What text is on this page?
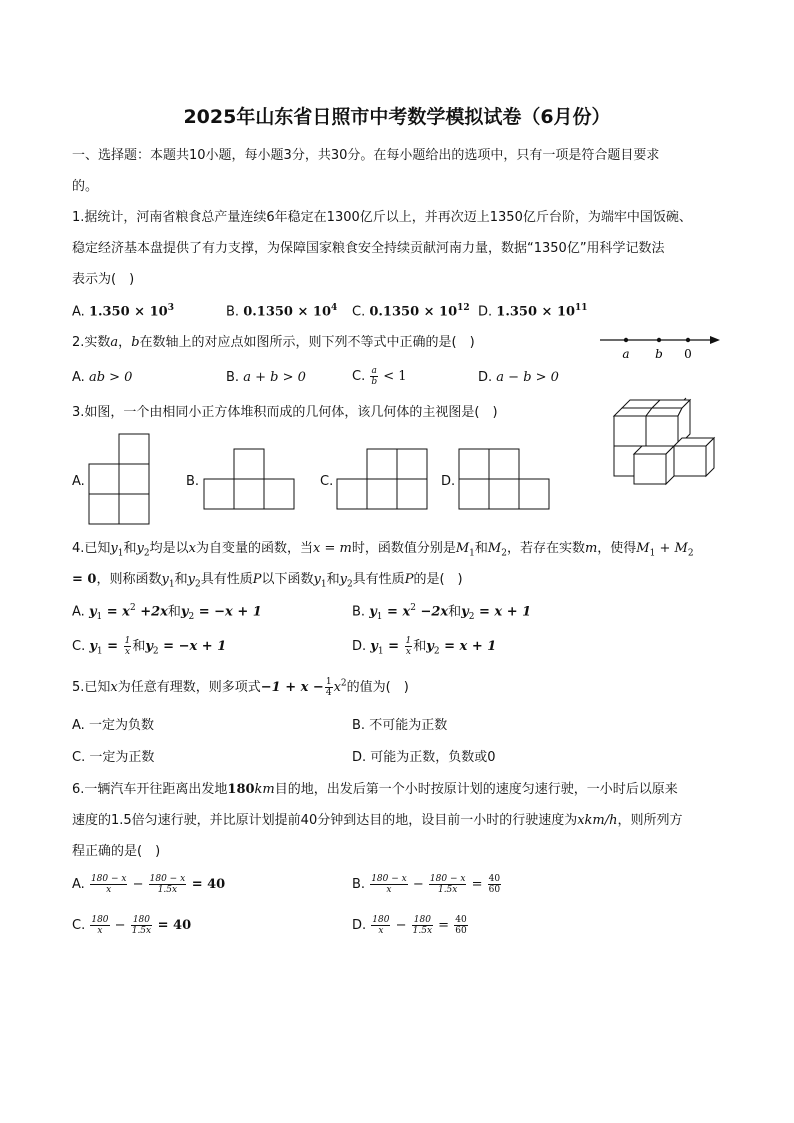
2025年山东省日照市中考数学模拟试卷（6月份）
一、选择题：本题共10小题，每小题3分，共30分。在每小题给出的选项中，只有一项是符合题目要求
的。
1.据统计，河南省粮食总产量连续6年稳定在1300亿斤以上，并再次迈上1350亿斤台阶，为端牢中国饭碗、
稳定经济基本盘提供了有力支撑，为保障国家粮食安全持续贡献河南力量，数据“1350亿”用科学记数法
表示为(　)
A. $1.350 \times 10^3$	B. $0.1350 \times 10^4$ C. $0.1350 \times 10^{12}$ D. $1.350 \times 10^{11}$
2.实数a，b在数轴上的对应点如图所示，则下列不等式中正确的是(　)
a b 0
A. ab > 0	B. a + b > 0	C. $\frac{a}{b} < 1$	D. a − b > 0
3.如图，一个由相同小正方体堆积而成的几何体，该几何体的主视图是(　)
A.	B.	C.	D.
4.已知$y_1$和$y_2$均是以x为自变量的函数，当x = m时，函数值分别是$M_1$和$M_2$，若存在实数m，使得$M_1 + M_2$
= 0，则称函数$y_1$和$y_2$具有性质P以下函数$y_1$和$y_2$具有性质P的是(　)
A. $y_1 = x^2 +2x$和$y_2 = -x + 1$	B. $y_1 = x^2 -2x$和$y_2 = x + 1$
C. $y_1 = \frac{1}{x}$ 和$y_2 = -x + 1$	D. $y_1 = \frac{1}{x}$ 和$y_2 = x + 1$
5.已知x为任意有理数，则多项式$-1 + x - \frac{1}{4} x^2$的值为(　)
A. 一定为负数	B. 不可能为正数
C. 一定为正数	D. 可能为正数，负数或0
6.一辆汽车开往距离出发地180km目的地，出发后第一个小时按原计划的速度匀速行驶，一小时后以原来
速度的1.5倍匀速行驶，并比原计划提前40分钟到达目的地，设目前一小时的行驶速度为xkm/h，则所列方
程正确的是(　)
A. $\frac{180 - x}{x} - \frac{180 - x}{1.5x} = 40$	B. $\frac{180 - x}{x} - \frac{180 - x}{1.5x} = \frac{40}{60}$
C. $\frac{180}{x} - \frac{180}{1.5x} = 40$	D. $\frac{180}{x} - \frac{180}{1.5x} = \frac{40}{60}$
